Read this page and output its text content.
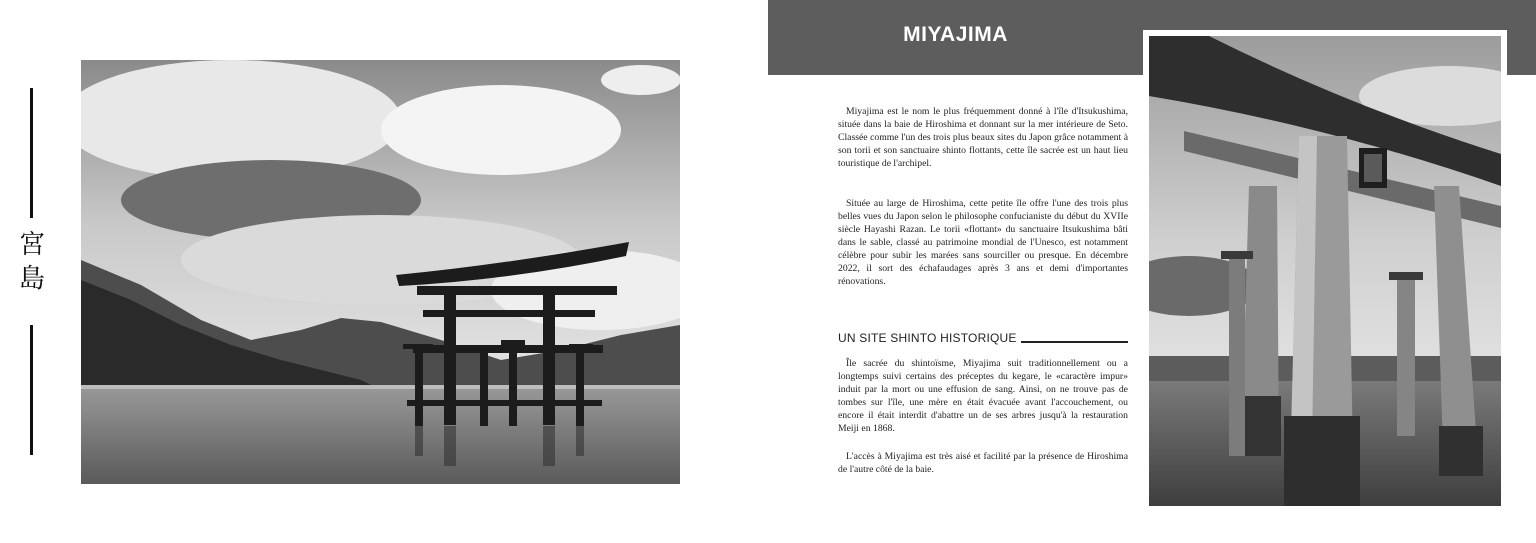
宮
島
MIYAJIMA

Miyajima est le nom le plus fréquemment donné à l'île d'Itsukushima, située dans la baie de Hiroshima et donnant sur la mer intérieure de Seto. Classée comme l'un des trois plus beaux sites du Japon grâce notamment à son torii et son sanctuaire shinto flottants, cette île sacrée est un haut lieu touristique de l'archipel.

Située au large de Hiroshima, cette petite île offre l'une des trois plus belles vues du Japon selon le philosophe confucianiste du début du XVIIe siècle Hayashi Razan. Le torii «flottant» du sanctuaire Itsukushima bâti dans le sable, classé au patrimoine mondial de l'Unesco, est notamment célèbre pour subir les marées sans sourciller ou presque. En décembre 2022, il sort des échafaudages après 3 ans et demi d'importantes rénovations.

UN SITE SHINTO HISTORIQUE

Île sacrée du shintoïsme, Miyajima suit traditionnellement ou a longtemps suivi certains des préceptes du kegare, le «caractère impur» induit par la mort ou une effusion de sang. Ainsi, on ne trouve pas de tombes sur l'île, une mère en était évacuée avant l'accouchement, ou encore il était interdit d'abattre un de ses arbres jusqu'à la restauration Meiji en 1868.

L'accès à Miyajima est très aisé et facilité par la présence de Hiroshima de l'autre côté de la baie.
